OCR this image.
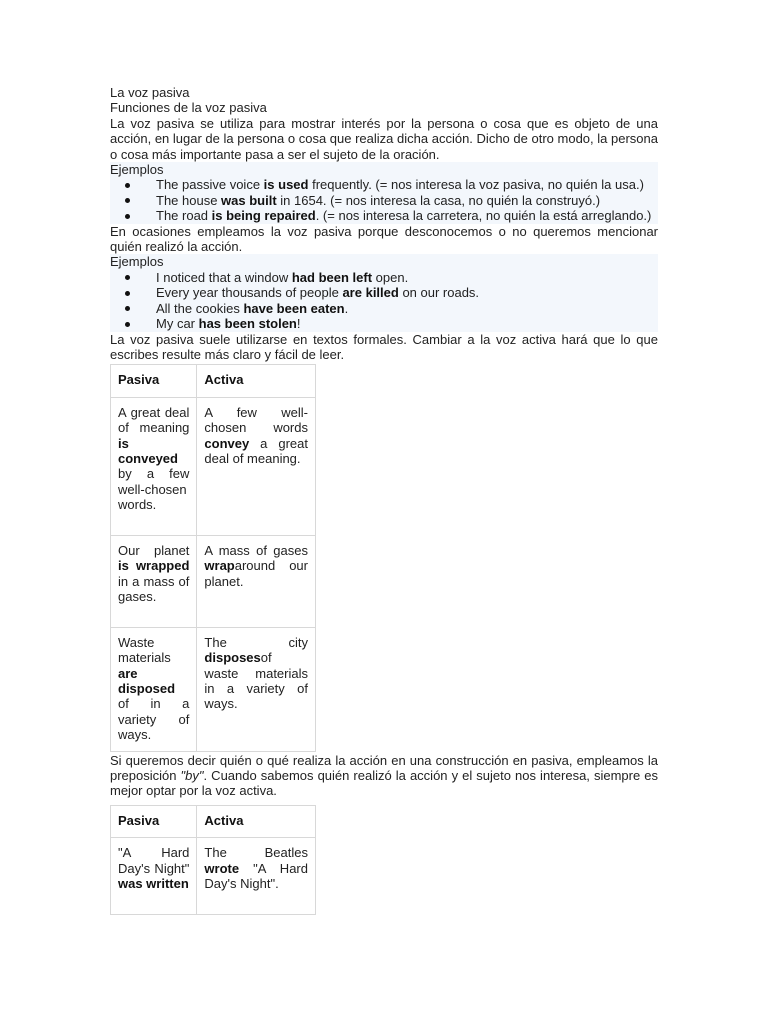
La voz pasiva

Funciones de la voz pasiva

La voz pasiva se utiliza para mostrar interés por la persona o cosa que es objeto de una acción, en lugar de la persona o cosa que realiza dicha acción. Dicho de otro modo, la persona o cosa más importante pasa a ser el sujeto de la oración.

Ejemplos

The passive voice is used frequently. (= nos interesa la voz pasiva, no quién la usa.)
The house was built in 1654. (= nos interesa la casa, no quién la construyó.)
The road is being repaired. (= nos interesa la carretera, no quién la está arreglando.)

En ocasiones empleamos la voz pasiva porque desconocemos o no queremos mencionar quién realizó la acción.

Ejemplos

I noticed that a window had been left open.
Every year thousands of people are killed on our roads.
All the cookies have been eaten.
My car has been stolen!

La voz pasiva suele utilizarse en textos formales. Cambiar a la voz activa hará que lo que escribes resulte más claro y fácil de leer.

Pasiva	Activa
A great deal of meaning is conveyed by a few well-chosen words.	A few well-chosen words convey a great deal of meaning.
Our planet is wrapped in a mass of gases.	A mass of gases wraparound our planet.
Waste materials are disposed of in a variety of ways.	The city disposesof waste materials in a variety of ways.

Si queremos decir quién o qué realiza la acción en una construcción en pasiva, empleamos la preposición "by". Cuando sabemos quién realizó la acción y el sujeto nos interesa, siempre es mejor optar por la voz activa.

Pasiva	Activa
"A Hard Day's Night" was written	The Beatles wrote "A Hard Day's Night".
